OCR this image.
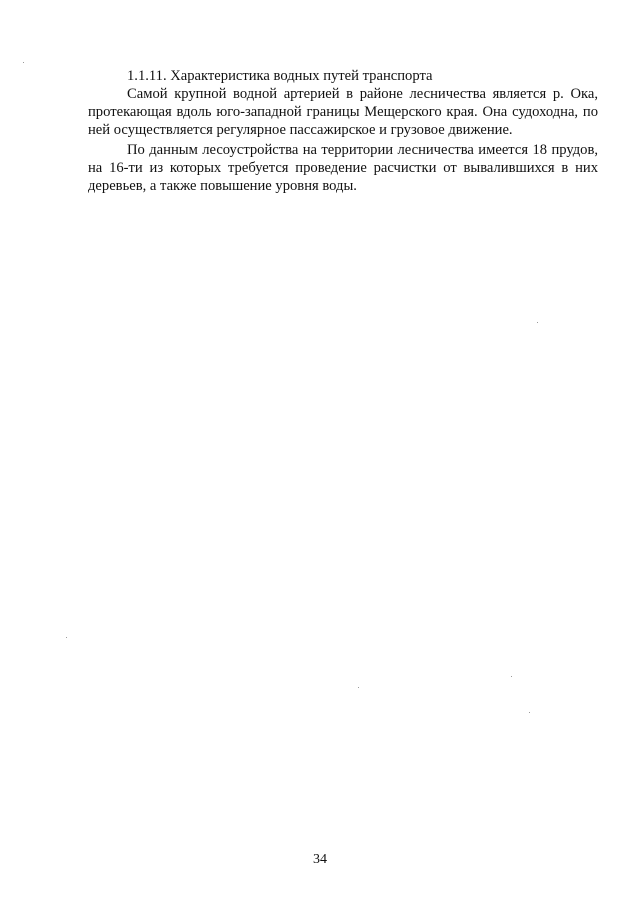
1.1.11. Характеристика водных путей транспорта

Самой крупной водной артерией в районе лесничества является р. Ока, протекающая вдоль юго-западной границы Мещерского края. Она судоходна, по ней осуществляется регулярное пассажирское и грузовое движение.

По данным лесоустройства на территории лесничества имеется 18 прудов, на 16-ти из которых требуется проведение расчистки от вывалившихся в них деревьев, а также повышение уровня воды.

34
